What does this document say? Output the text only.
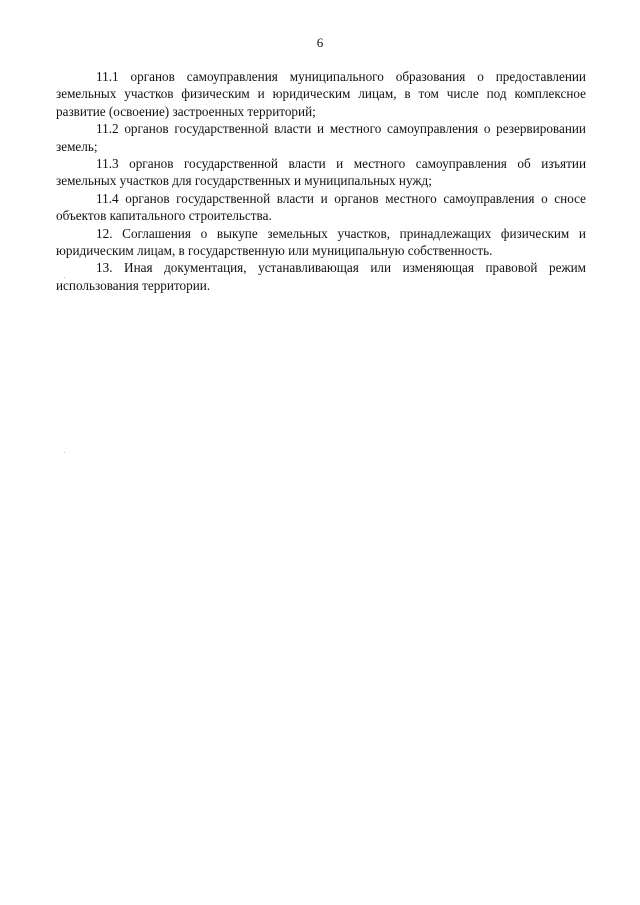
6

11.1 органов самоуправления муниципального образования о предоставлении земельных участков физическим и юридическим лицам, в том числе под комплексное развитие (освоение) застроенных территорий;

11.2 органов государственной власти и местного самоуправления о резервировании земель;

11.3 органов государственной власти и местного самоуправления об изъятии земельных участков для государственных и муниципальных нужд;

11.4 органов государственной власти и органов местного самоуправления о сносе объектов капитального строительства.

12. Соглашения о выкупе земельных участков, принадлежащих физическим и юридическим лицам, в государственную или муниципальную собственность.

13. Иная документация, устанавливающая или изменяющая правовой режим использования территории.
